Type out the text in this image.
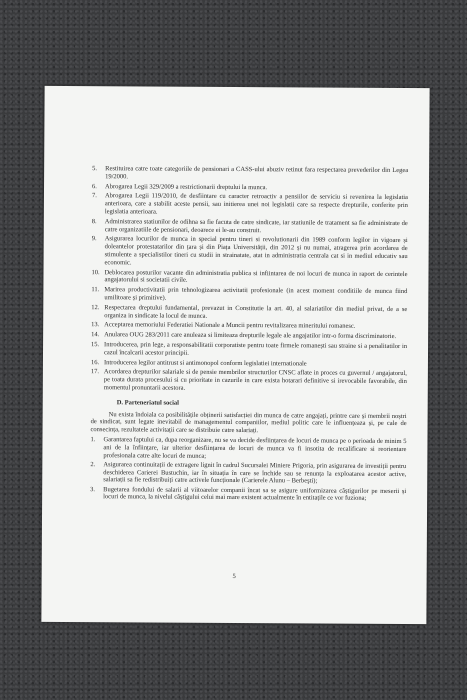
5. Restituirea catre toate categoriile de pensionari a CASS-ului abuziv retinut fara respectarea prevederilor din Legea 19/2000.
6. Abrogarea Legii 329/2009 a restrictionarii dreptului la munca.
7. Abrogarea Legii 119/2010, de desfiintare cu caracter retroactiv a pensiilor de serviciu si revenirea la legislatia anterioara, care a stabilit aceste pensii, sau initierea unei noi legislatii care sa respecte drepturile, conferite prin legislatia anterioara.
8. Administrarea statiunilor de odihna sa fie facuta de catre sindicate, iar statiunile de tratament sa fie administrate de catre organizatiile de pensionari, deoarece ei le-au construit.
9. Asigurarea locurilor de munca in special pentru tineri si revolutionarii din 1989 conform legilor in vigoare și doleantelor protestatarilor din țara și din Piața Universității, din 2012 și nu numai, atragerea prin acordarea de stimulente a specialistilor tineri cu studii in strainatate, atat in administratia centrala cat si in mediul educativ sau economic.
10. Deblocarea posturilor vacante din administratia publica si infiintarea de noi locuri de munca in raport de cerintele angajatorului si societatii civile.
11. Marirea productivitatii prin tehnologizarea activitatii profesionale (in acest moment conditiile de munca fiind umilitoare și primitive).
12. Respectarea dreptului fundamental, prevazut in Constitutie la art. 40, al salariatilor din mediul privat, de a se organiza in sindicate la locul de munca.
13. Acceptarea memoriului Federatiei Nationale a Muncii pentru revitalizarea mineritului romanesc.
14. Anularea OUG 283/2011 care anuleaza si limiteaza drepturile legale ale angajatilor intr-o forma discriminatorie.
15. Introducerea, prin lege, a responsabilitatii corporatiste pentru toate firmele romanești sau straine si a penalitatilor in cazul încalcarii acestor principii.
16. Introducerea legilor antitrust si antimonopol conform legislatiei internationale
17. Acordarea drepturilor salariale si de pensie membrilor structurilor CNSC aflate in proces cu guvernul / angajatorul, pe toata durata procesului si cu prioritate in cazurile in care exista hotarari definitive si irevocabile favorabile, din momentul pronuntarii acestora.
D. Parteneriatul social
Nu exista îndoiala ca posibilitățile obținerii satisfacției din munca de catre angajați, printre care și membrii noștri de sindicat, sunt legate inevitabil de managementul companiilor, mediul politic care le influențeaza și, pe cale de consecința, rezultatele activitații care se distribuie catre salariați.
1. Garantarea faptului ca, dupa reorganizare, nu se va decide desființarea de locuri de munca pe o perioada de minim 5 ani de la înființare, iar ulterior desființarea de locuri de munca va fi insotita de recalificare si reorientare profesionala catre alte locuri de munca;
2. Asigurarea continuitații de extragere lignit în cadrul Sucursalei Miniere Prigoria, prin asigurarea de investiții pentru deschiderea Carierei Bustuchin, iar în situația în care se închide sau se renunța la exploatarea acestor active, salariații sa fie redistribuiți catre activele funcționale (Carierele Alunu – Berbeşti);
3. Bugetarea fondului de salarii al viitoarelor companii încat sa se asigure uniformizarea câștigurilor pe meserii și locuri de munca, la nivelul câștigului celui mai mare existent actualmente în entitațile ce vor fuziona;
5
